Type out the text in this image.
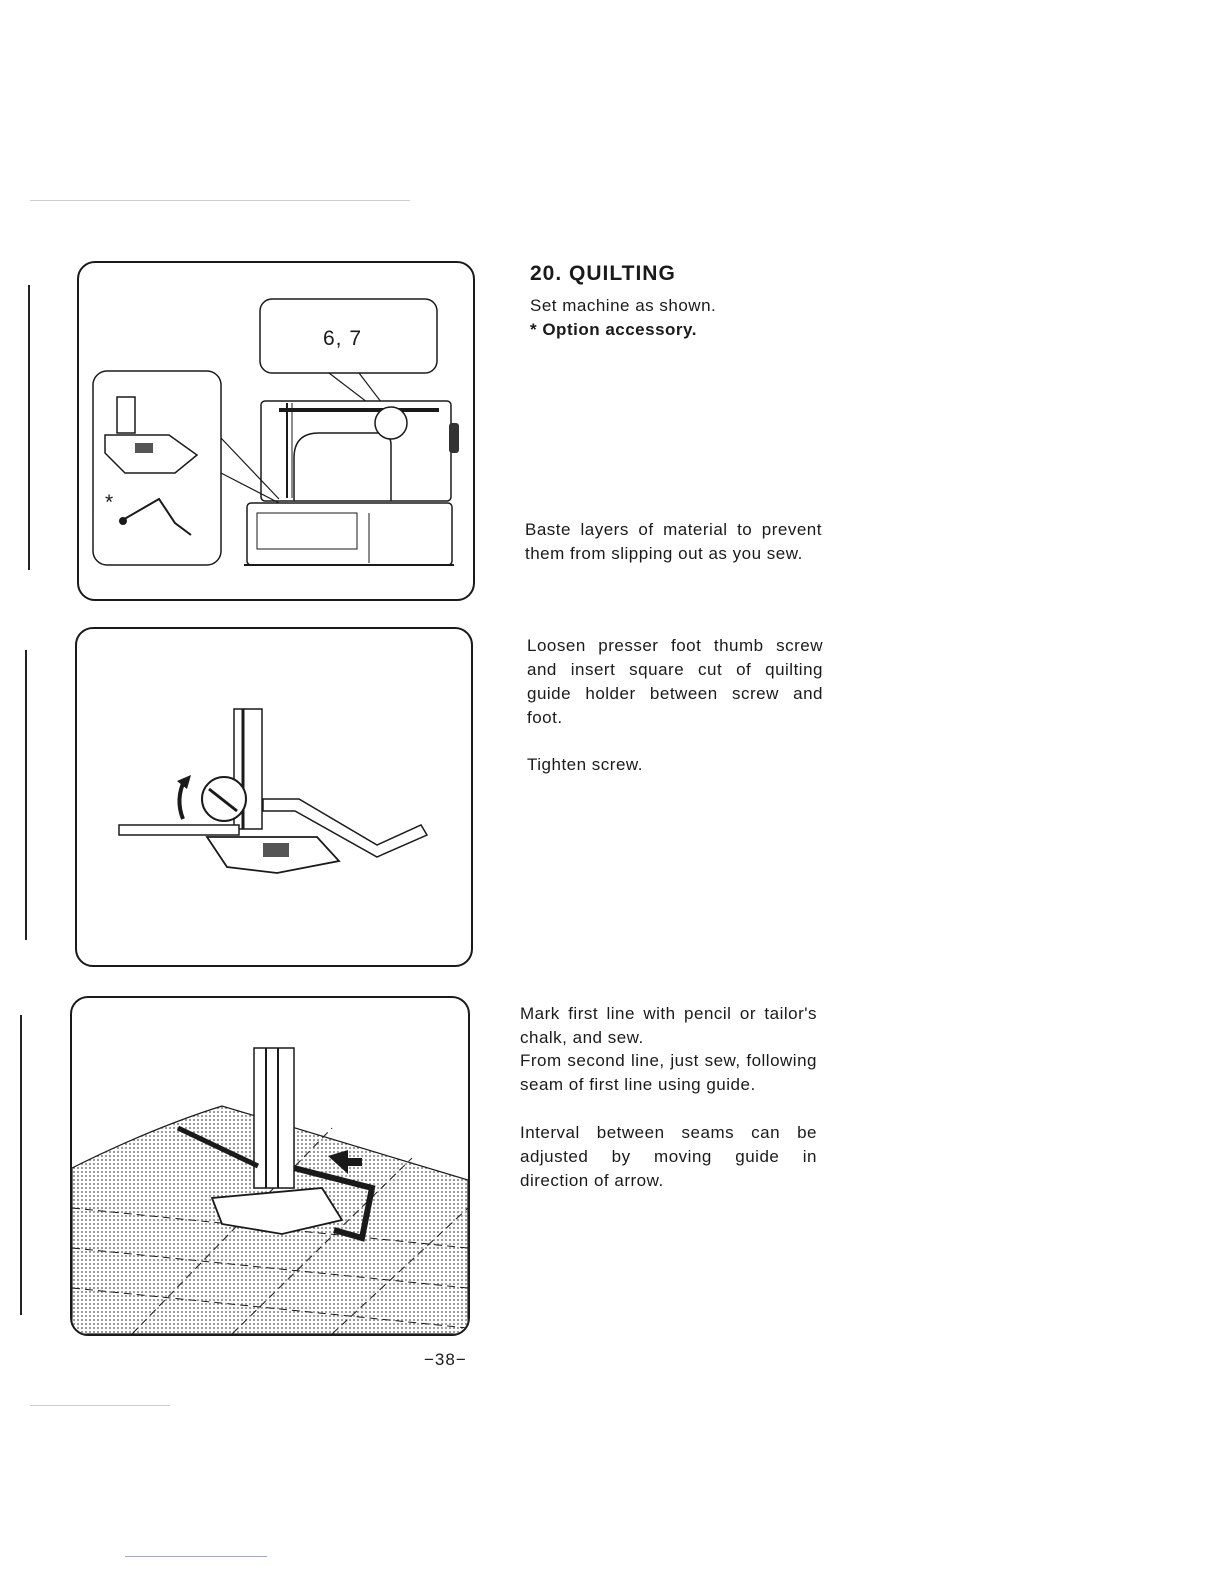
6, 7
*
20. QUILTING

Set machine as shown.

* Option accessory.

Baste layers of material to prevent them from slipping out as you sew.

Loosen presser foot thumb screw and insert square cut of quilting guide holder between screw and foot.

Tighten screw.

Mark first line with pencil or tailor's chalk, and sew.

From second line, just sew, following seam of first line using guide.

Interval between seams can be adjusted by moving guide in direction of arrow.

−38−
